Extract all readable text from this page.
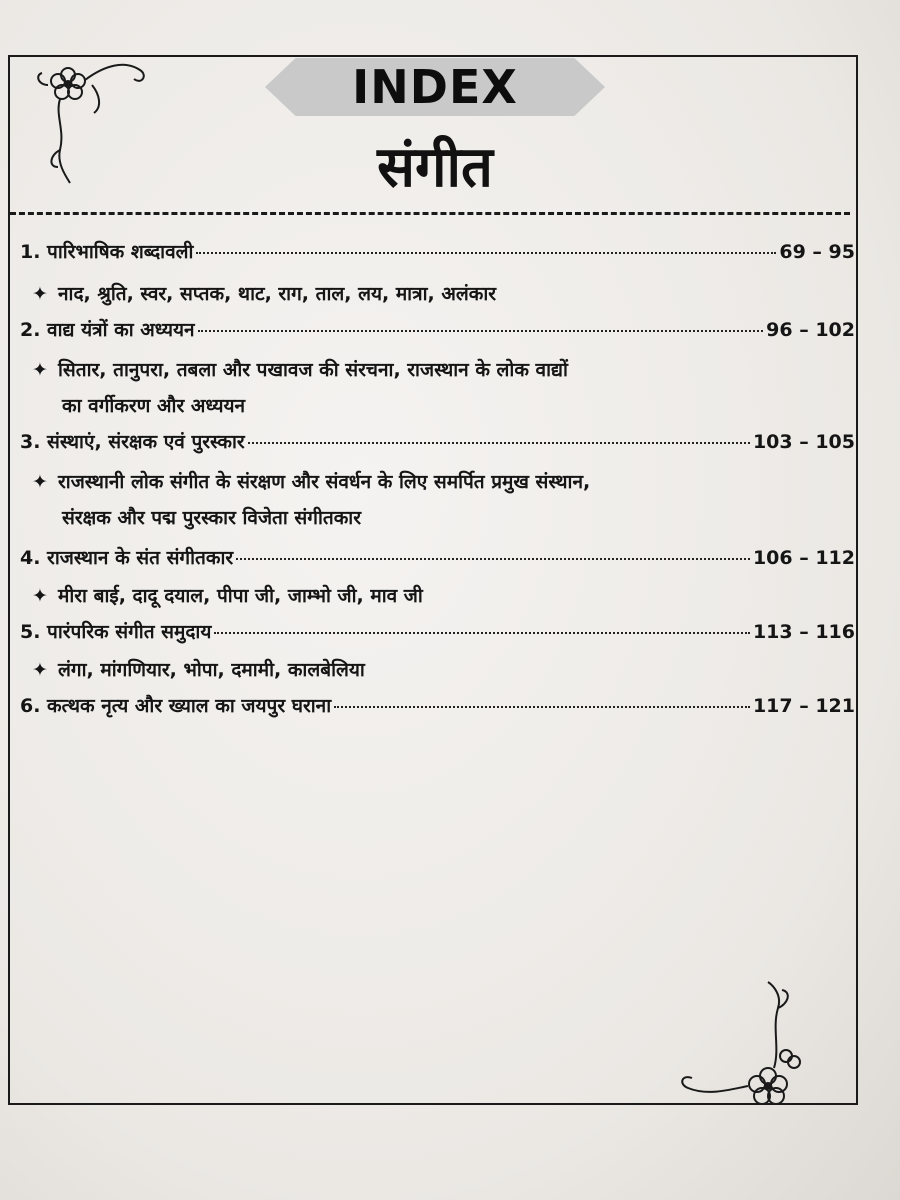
INDEX
संगीत
1. पारिभाषिक शब्दावली	69 – 95
✦ नाद, श्रुति, स्वर, सप्तक, थाट, राग, ताल, लय, मात्रा, अलंकार
2. वाद्य यंत्रों का अध्ययन	96 – 102
✦ सितार, तानुपरा, तबला और पखावज की संरचना, राजस्थान के लोक वाद्यों
का वर्गीकरण और अध्ययन
3. संस्थाएं, संरक्षक एवं पुरस्कार	103 – 105
✦ राजस्थानी लोक संगीत के संरक्षण और संवर्धन के लिए समर्पित प्रमुख संस्थान,
संरक्षक और पद्म पुरस्कार विजेता संगीतकार
4. राजस्थान के संत संगीतकार	106 – 112
✦ मीरा बाई, दादू दयाल, पीपा जी, जाम्भो जी, माव जी
5. पारंपरिक संगीत समुदाय	113 – 116
✦ लंगा, मांगणियार, भोपा, दमामी, कालबेलिया
6. कत्थक नृत्य और ख्याल का जयपुर घराना	117 – 121
